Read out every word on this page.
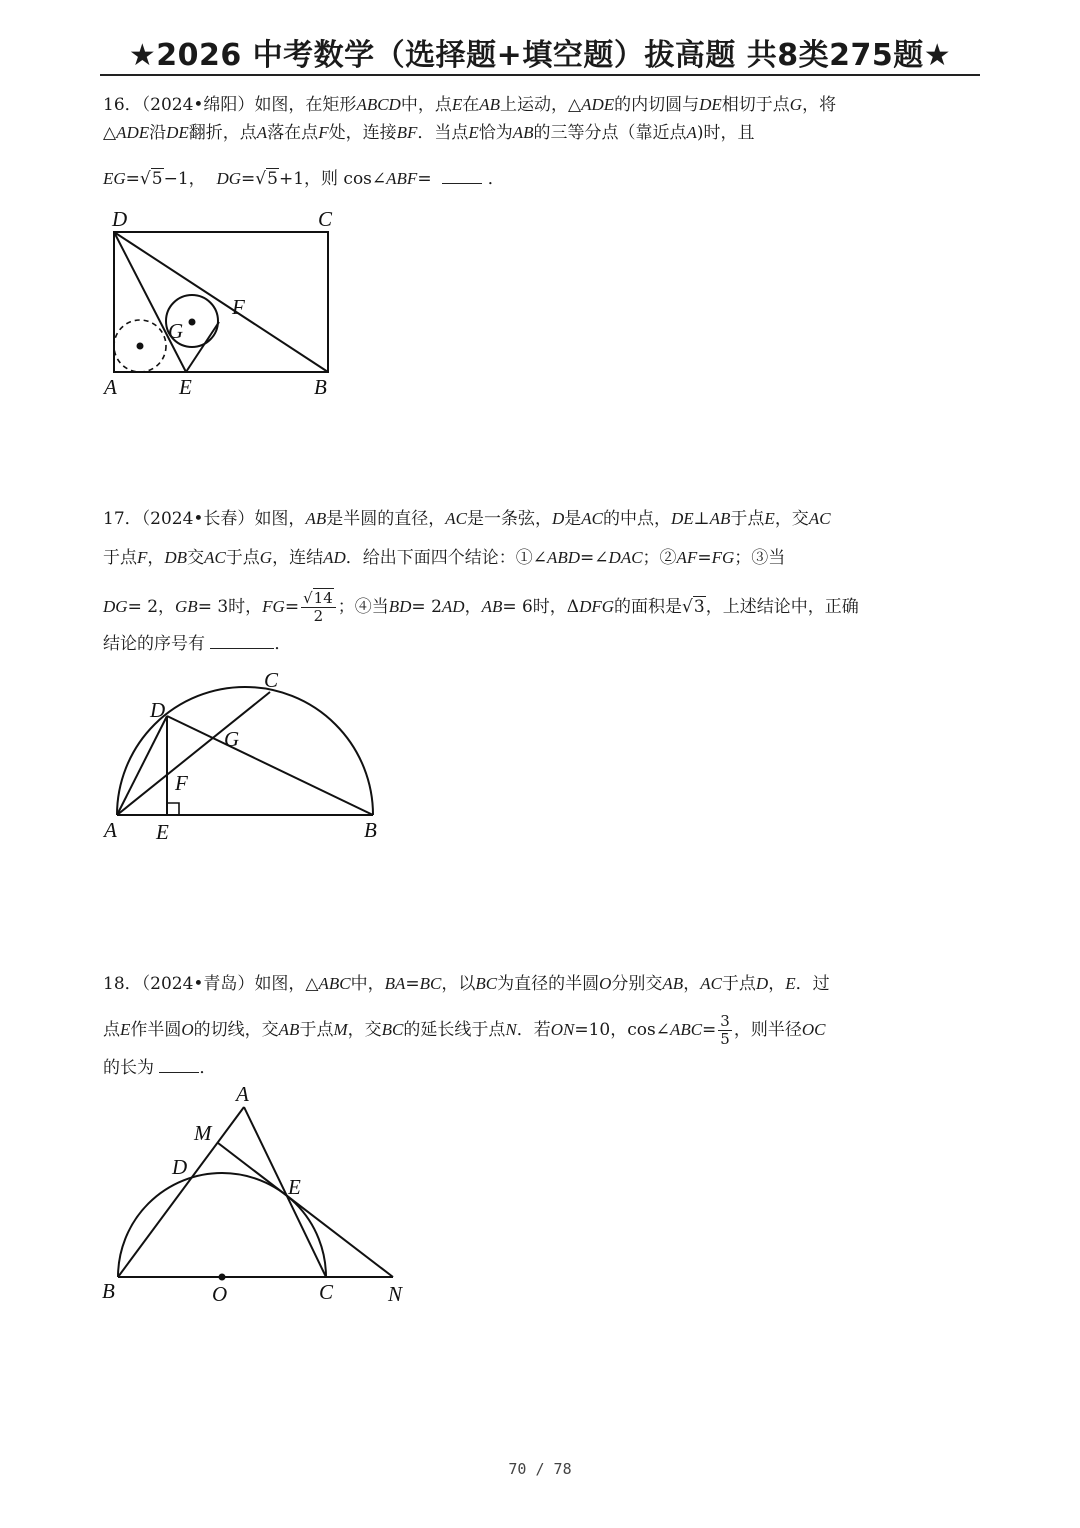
★2026 中考数学（选择题+填空题）拔高题 共8类275题★
16．（2024•绵阳）如图，在矩形ABCD中，点E在AB上运动，△ADE的内切圆与DE相切于点G，将
△ADE沿DE翻折，点A落在点F处，连接BF．当点E恰为AB的三等分点（靠近点A)时，且
EG=√5−1， DG=√5+1，则 cos∠ABF=	．
D	C
A	E	B
F
G
17．（2024•长春）如图，AB是半圆的直径，AC是一条弦，D是AC的中点，DE⊥AB于点E，交AC
于点F，DB交AC于点G，连结AD．给出下面四个结论：①∠ABD=∠DAC；②AF=FG；③当
DG= 2，GB= 3时，$FG= \frac{√14}{2}$ ；④当BD= 2AD，AB= 6时，ΔDFG的面积是√3，上述结论中，正确
结论的序号有	．
C
D
G
F
A E	B
18．（2024•青岛）如图，△ABC中，BA=BC，以BC为直径的半圆O分别交AB，AC于点D，E．过
点E作半圆O的切线，交AB于点M，交BC的延长线于点N．若ON=10，cos∠ABC= $\frac{3}{5}$ ，则半径OC
的长为	．
A
M
D
E
B	O	C	N
70 / 78
